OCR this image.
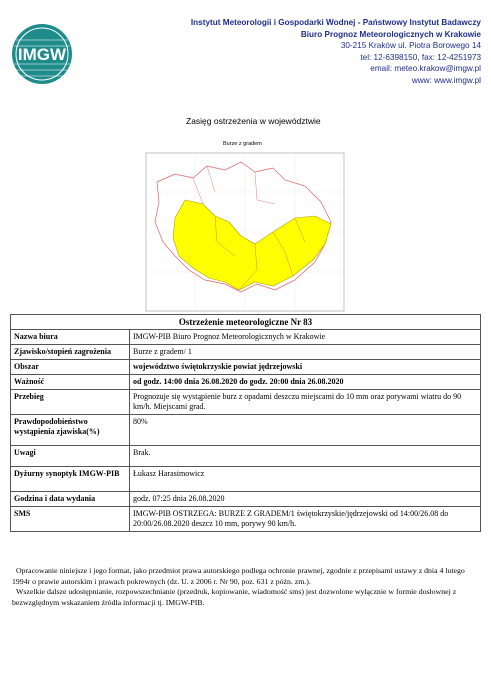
IMGW
Instytut Meteorologii i Gospodarki Wodnej - Państwowy Instytut Badawczy
Biuro Prognoz Meteorologicznych w Krakowie
30-215 Kraków ul. Piotra Borowego 14
tel: 12-6398150, fax: 12-4251973
email: meteo.krakow@imgw.pl
www: www.imgw.pl
Zasięg ostrzeżenia w województwie
Burze z gradem
Ostrzeżenie meteorologiczne Nr 83	
Nazwa biura	IMGW-PIB Biuro Prognoz Meteorologicznych w Krakowie
Zjawisko/stopień zagrożenia	Burze z gradem/ 1
Obszar	województwo świętokrzyskie powiat jędrzejowski
Ważność	od godz. 14:00 dnia 26.08.2020 do godz. 20:00 dnia 26.08.2020
Przebieg	Prognozuje się wystąpienie burz z opadami deszczu miejscami do 10 mm oraz porywami wiatru do 90 km/h. Miejscami grad.
Prawdopodobieństwo wystąpienia zjawiska(%)	80%
Uwagi	Brak.
Dyżurny synoptyk IMGW-PIB	Łukasz Harasimowicz
Godzina i data wydania	godz. 07:25 dnia 26.08.2020
SMS	IMGW-PIB OSTRZEGA: BURZE Z GRADEM/1 świętokrzyskie/jędrzejowski od 14:00/26.08 do 20:00/26.08.2020 deszcz 10 mm, porywy 90 km/h.
Opracowanie niniejsze i jego format, jako przedmiot prawa autorskiego podlega ochronie prawnej, zgodnie z przepisami ustawy z dnia 4 lutego 1994r o prawie autorskim i prawach pokrewnych (dz. U. z 2006 r. Nr 90, poz. 631 z późn. zm.).
Wszelkie dalsze udostępnianie, rozpowszechnianie (przedruk, kopiowanie, wiadomość sms) jest dozwolone wyłącznie w formie dosłownej z bezwzględnym wskazaniem źródła informacji tj. IMGW-PIB.
